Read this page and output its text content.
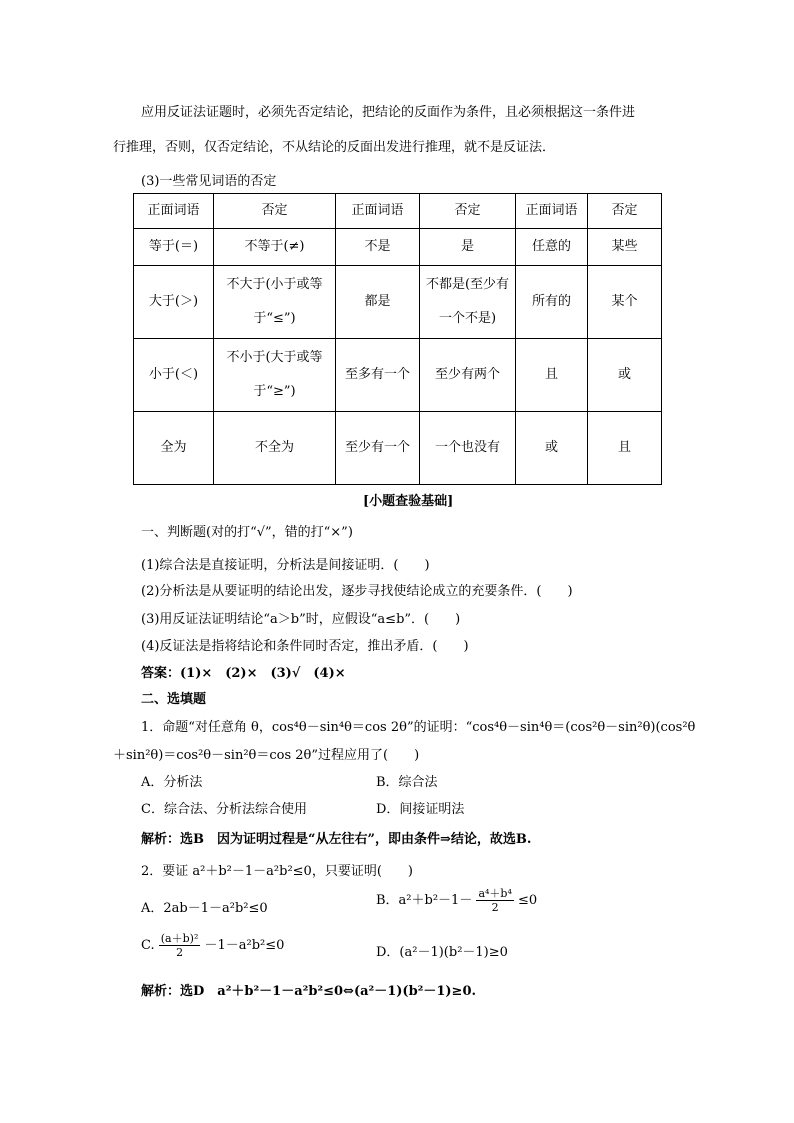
应用反证法证题时，必须先否定结论，把结论的反面作为条件，且必须根据这一条件进
行推理，否则，仅否定结论，不从结论的反面出发进行推理，就不是反证法．
(3)一些常见词语的否定
正面词语	否定	正面词语	否定	正面词语	否定
等于(＝)	不等于(≠)	不是	是	任意的	某些
大于(＞)	不大于(小于或等于“≤”)	都是	不都是(至少有一个不是)	所有的	某个
小于(＜)	不小于(大于或等于“≥”)	至多有一个	至少有两个	且	或
全为	不全为	至少有一个	一个也没有	或	且
[小题查验基础]
一、判断题(对的打“√”，错的打“×”)
(1)综合法是直接证明，分析法是间接证明．(　　)
(2)分析法是从要证明的结论出发，逐步寻找使结论成立的充要条件．(　　)
(3)用反证法证明结论“a＞b”时，应假设“a≤b”．(　　)
(4)反证法是指将结论和条件同时否定，推出矛盾．(　　)
答案：(1)×　(2)×　(3)√　(4)×
二、选填题
1．命题“对任意角 θ，cos⁴θ－sin⁴θ＝cos 2θ”的证明：“cos⁴θ－sin⁴θ＝(cos²θ－sin²θ)(cos²θ
＋sin²θ)＝cos²θ－sin²θ＝cos 2θ”过程应用了(　　)
A．分析法	B．综合法
C．综合法、分析法综合使用	D．间接证明法
解析：选B　因为证明过程是“从左往右”，即由条件⇒结论，故选B.
2．要证 a²＋b²－1－a²b²≤0，只要证明(　　)
A．2ab－1－a²b²≤0
B．$a^2+b^2-1- \frac{\text{a⁴＋b⁴}}{2} \le 0$
C. $\frac{\text{(a＋b)²}}{2} -1-a^2b^2\le 0$	D．(a²－1)(b²－1)≥0
解析：选D　a²＋b²－1－a²b²≤0⇔(a²－1)(b²－1)≥0.
